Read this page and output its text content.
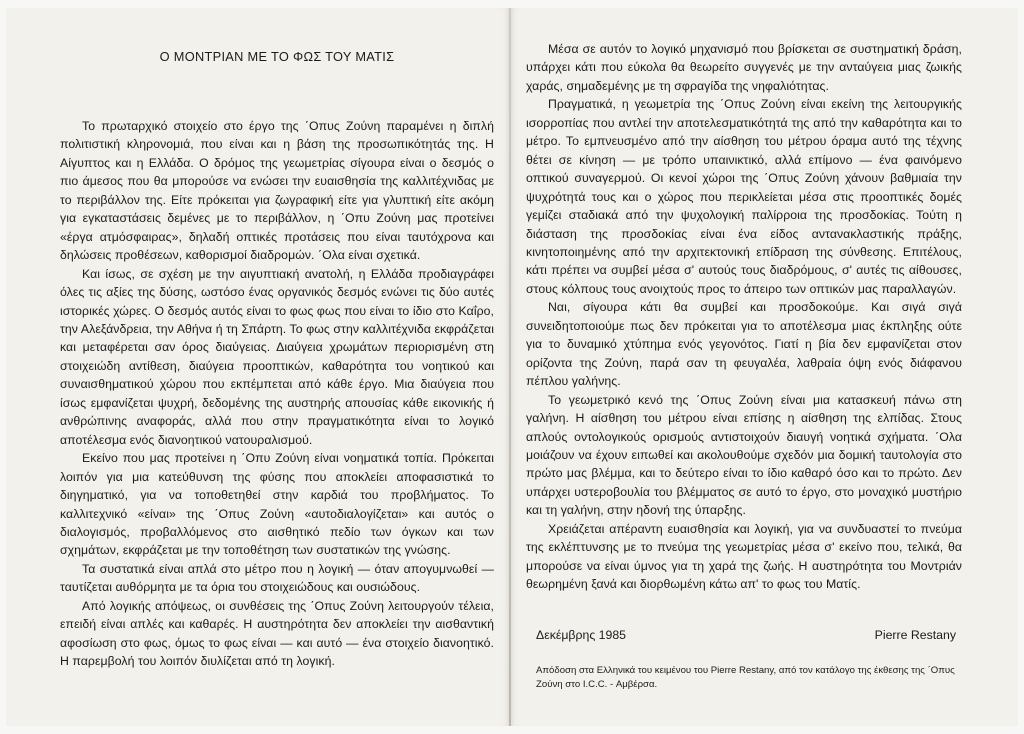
Ο ΜΟΝΤΡΙΑΝ ΜΕ ΤΟ ΦΩΣ ΤΟΥ ΜΑΤΙΣ

Το πρωταρχικό στοιχείο στο έργο της ΄Οπυς Ζούνη παραμένει η διπλή πολιτιστική κληρονομιά, που είναι και η βάση της προσωπικότητάς της. Η Αίγυπτος και η Ελλάδα. Ο δρόμος της γεωμετρίας σίγουρα είναι ο δεσμός ο πιο άμεσος που θα μπορούσε να ενώσει την ευαισθησία της καλλιτέχνιδας με το περιβάλλον της. Είτε πρόκειται για ζωγραφική είτε για γλυπτική είτε ακόμη για εγκαταστάσεις δεμένες με το περιβάλλον, η ΄Οπυ Ζούνη μας προτείνει «έργα ατμόσφαιρας», δηλαδή οπτικές προτάσεις που είναι ταυτόχρονα και δηλώσεις προθέσεων, καθορισμοί διαδρομών. ΄Ολα είναι σχετικά.

Και ίσως, σε σχέση με την αιγυπτιακή ανατολή, η Ελλάδα προδιαγράφει όλες τις αξίες της δύσης, ωστόσο ένας οργανικός δεσμός ενώνει τις δύο αυτές ιστορικές χώρες. Ο δεσμός αυτός είναι το φως φως που είναι το ίδιο στο Καΐρο, την Αλεξάνδρεια, την Αθήνα ή τη Σπάρτη. Το φως στην καλλιτέχνιδα εκφράζεται και μεταφέρεται σαν όρος διαύγειας. Διαύγεια χρωμάτων περιορισμένη στη στοιχειώδη αντίθεση, διαύγεια προοπτικών, καθαρότητα του νοητικού και συναισθηματικού χώρου που εκπέμπεται από κάθε έργο. Μια διαύγεια που ίσως εμφανίζεται ψυχρή, δεδομένης της αυστηρής απουσίας κάθε εικονικής ή ανθρώπινης αναφοράς, αλλά που στην πραγματικότητα είναι το λογικό αποτέλεσμα ενός διανοητικού νατουραλισμού.

Εκείνο που μας προτείνει η ΄Οπυ Ζούνη είναι νοηματικά τοπία. Πρόκειται λοιπόν για μια κατεύθυνση της φύσης που αποκλείει αποφασιστικά το διηγηματικό, για να τοποθετηθεί στην καρδιά του προβλήματος. Το καλλιτεχνικό «είναι» της ΄Οπυς Ζούνη «αυτοδιαλογίζεται» και αυτός ο διαλογισμός, προβαλλόμενος στο αισθητικό πεδίο των όγκων και των σχημάτων, εκφράζεται με την τοποθέτηση των συστατικών της γνώσης.

Τα συστατικά είναι απλά στο μέτρο που η λογική — όταν απογυμνωθεί — ταυτίζεται αυθόρμητα με τα όρια του στοιχειώδους και ουσιώδους.

Από λογικής απόψεως, οι συνθέσεις της ΄Οπυς Ζούνη λειτουργούν τέλεια, επειδή είναι απλές και καθαρές. Η αυστηρότητα δεν αποκλείει την αισθαντική αφοσίωση στο φως, όμως το φως είναι — και αυτό — ένα στοιχείο διανοητικό. Η παρεμβολή του λοιπόν διυλίζεται από τη λογική.

Μέσα σε αυτόν το λογικό μηχανισμό που βρίσκεται σε συστηματική δράση, υπάρχει κάτι που εύκολα θα θεωρείτο συγγενές με την ανταύγεια μιας ζωικής χαράς, σημαδεμένης με τη σφραγίδα της νηφαλιότητας.

Πραγματικά, η γεωμετρία της ΄Οπυς Ζούνη είναι εκείνη της λειτουργικής ισορροπίας που αντλεί την αποτελεσματικότητά της από την καθαρότητα και το μέτρο. Το εμπνευσμένο από την αίσθηση του μέτρου όραμα αυτό της τέχνης θέτει σε κίνηση — με τρόπο υπαινικτικό, αλλά επίμονο — ένα φαινόμενο οπτικού συναγερμού. Οι κενοί χώροι της ΄Οπυς Ζούνη χάνουν βαθμιαία την ψυχρότητά τους και ο χώρος που περικλείεται μέσα στις προοπτικές δομές γεμίζει σταδιακά από την ψυχολογική παλίρροια της προσδοκίας. Τούτη η διάσταση της προσδοκίας είναι ένα είδος αντανακλαστικής πράξης, κινητοποιημένης από την αρχιτεκτονική επίδραση της σύνθεσης. Επιτέλους, κάτι πρέπει να συμβεί μέσα σ' αυτούς τους διαδρόμους, σ' αυτές τις αίθουσες, στους κόλπους τους ανοιχτούς προς το άπειρο των οπτικών μας παραλλαγών.

Ναι, σίγουρα κάτι θα συμβεί και προσδοκούμε. Και σιγά σιγά συνειδητοποιούμε πως δεν πρόκειται για το αποτέλεσμα μιας έκπληξης ούτε για το δυναμικό χτύπημα ενός γεγονότος. Γιατί η βία δεν εμφανίζεται στον ορίζοντα της Ζούνη, παρά σαν τη φευγαλέα, λαθραία όψη ενός διάφανου πέπλου γαλήνης.

Το γεωμετρικό κενό της ΄Οπυς Ζούνη είναι μια κατασκευή πάνω στη γαλήνη. Η αίσθηση του μέτρου είναι επίσης η αίσθηση της ελπίδας. Στους απλούς οντολογικούς ορισμούς αντιστοιχούν διαυγή νοητικά σχήματα. ΄Ολα μοιάζουν να έχουν ειπωθεί και ακολουθούμε σχεδόν μια δομική ταυτολογία στο πρώτο μας βλέμμα, και το δεύτερο είναι το ίδιο καθαρό όσο και το πρώτο. Δεν υπάρχει υστεροβουλία του βλέμματος σε αυτό το έργο, στο μοναχικό μυστήριο και τη γαλήνη, στην ηδονή της ύπαρξης.

Χρειάζεται απέραντη ευαισθησία και λογική, για να συνδυαστεί το πνεύμα της εκλέπτυνσης με το πνεύμα της γεωμετρίας μέσα σ' εκείνο που, τελικά, θα μπορούσε να είναι ύμνος για τη χαρά της ζωής. Η αυστηρότητα του Μοντριάν θεωρημένη ξανά και διορθωμένη κάτω απ' το φως του Ματίς.

Δεκέμβρης 1985	Pierre Restany
Απόδοση στα Ελληνικά του κειμένου του Pierre Restany, από τον κατάλογο της έκθεσης της ΄Οπυς Ζούνη στο I.C.C. - Αμβέρσα.
